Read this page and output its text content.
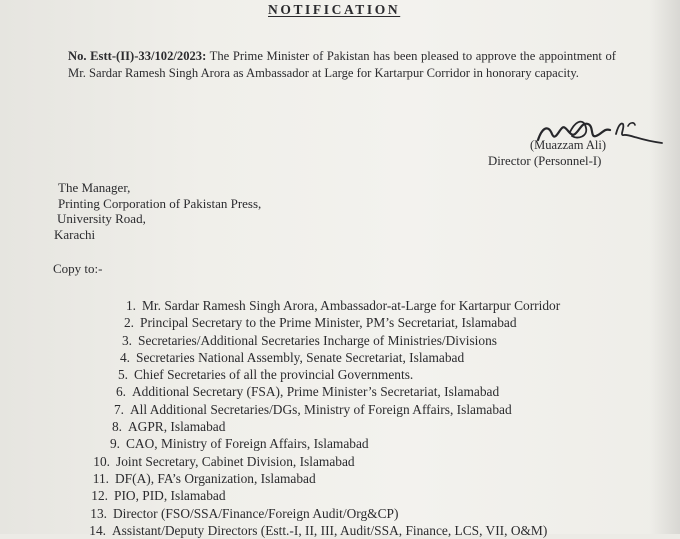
NOTIFICATION
No. Estt-(II)-33/102/2023: The Prime Minister of Pakistan has been pleased to approve the appointment of Mr. Sardar Ramesh Singh Arora as Ambassador at Large for Kartarpur Corridor in honorary capacity.
(Muazzam Ali)
Director (Personnel-I)
The Manager,
Printing Corporation of Pakistan Press,
University Road,
Karachi
Copy to:-
1. Mr. Sardar Ramesh Singh Arora, Ambassador-at-Large for Kartarpur Corridor
2. Principal Secretary to the Prime Minister, PM’s Secretariat, Islamabad
3. Secretaries/Additional Secretaries Incharge of Ministries/Divisions
4. Secretaries National Assembly, Senate Secretariat, Islamabad
5. Chief Secretaries of all the provincial Governments.
6. Additional Secretary (FSA), Prime Minister’s Secretariat, Islamabad
7. All Additional Secretaries/DGs, Ministry of Foreign Affairs, Islamabad
8. AGPR, Islamabad
9. CAO, Ministry of Foreign Affairs, Islamabad
10. Joint Secretary, Cabinet Division, Islamabad
11. DF(A), FA’s Organization, Islamabad
12. PIO, PID, Islamabad
13. Director (FSO/SSA/Finance/Foreign Audit/Org&CP)
14. Assistant/Deputy Directors (Estt.-I, II, III, Audit/SSA, Finance, LCS, VII, O&M)
